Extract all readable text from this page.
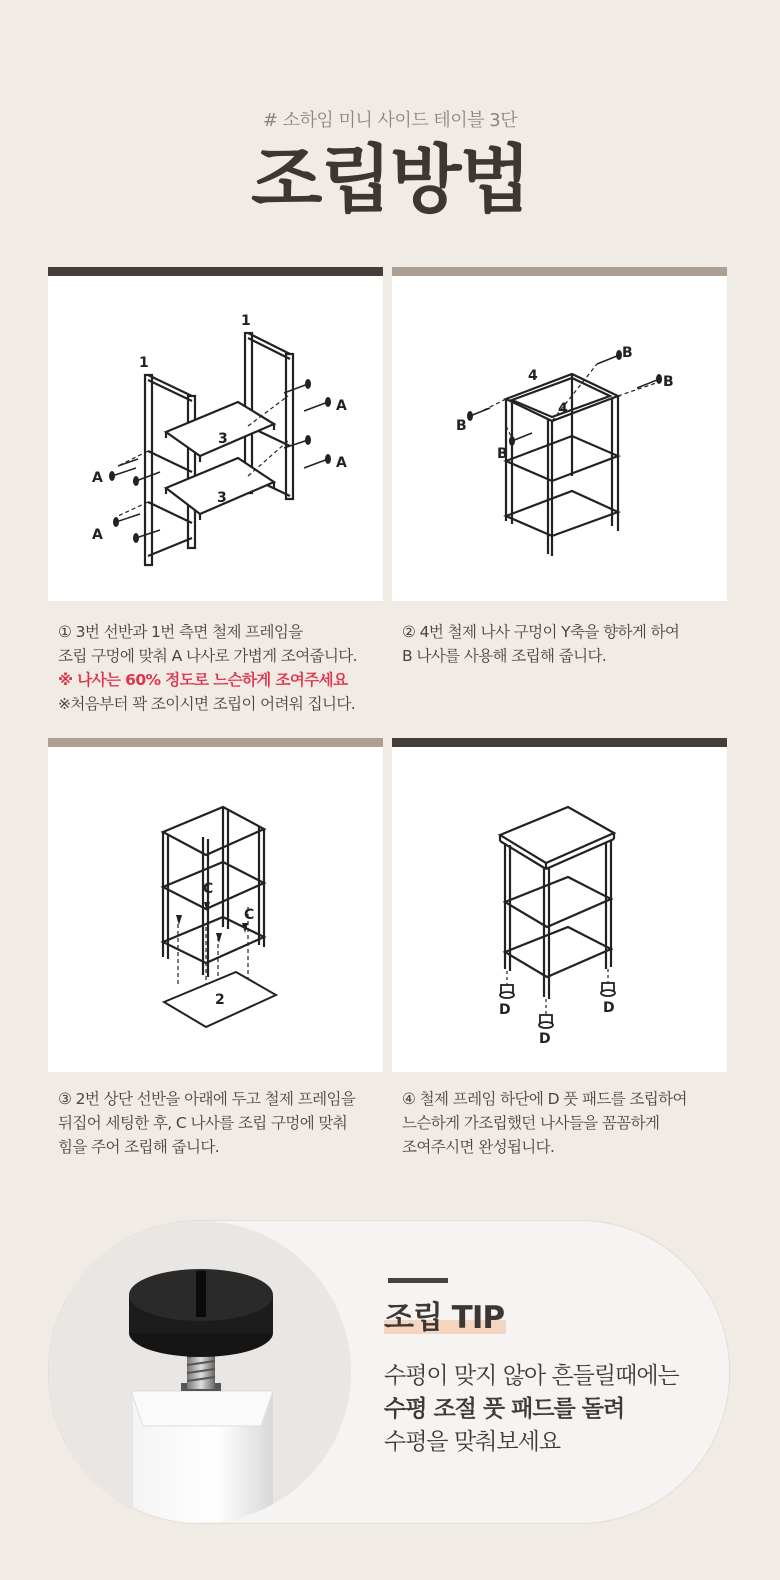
# 소하임 미니 사이드 테이블 3단
조립방법
1
1
3
3
A
A
A
A

① 3번 선반과 1번 측면 철제 프레임을

조립 구멍에 맞춰 A 나사로 가볍게 조여줍니다.

※ 나사는 60% 정도로 느슨하게 조여주세요

※처음부터 꽉 조이시면 조립이 어려워 집니다.

4
4
B
B
B
B

② 4번 철제 나사 구멍이 Y축을 향하게 하여

B 나사를 사용해 조립해 줍니다.

C
C
2

③ 2번 상단 선반을 아래에 두고 철제 프레임을

뒤집어 세팅한 후, C 나사를 조립 구멍에 맞춰

힘을 주어 조립해 줍니다.

D
D
D

④ 철제 프레임 하단에 D 풋 패드를 조립하여

느슨하게 가조립했던 나사들을 꼼꼼하게

조여주시면 완성됩니다.

조립 TIP
수평이 맞지 않아 흔들릴때에는
수평 조절 풋 패드를 돌려
수평을 맞춰보세요
